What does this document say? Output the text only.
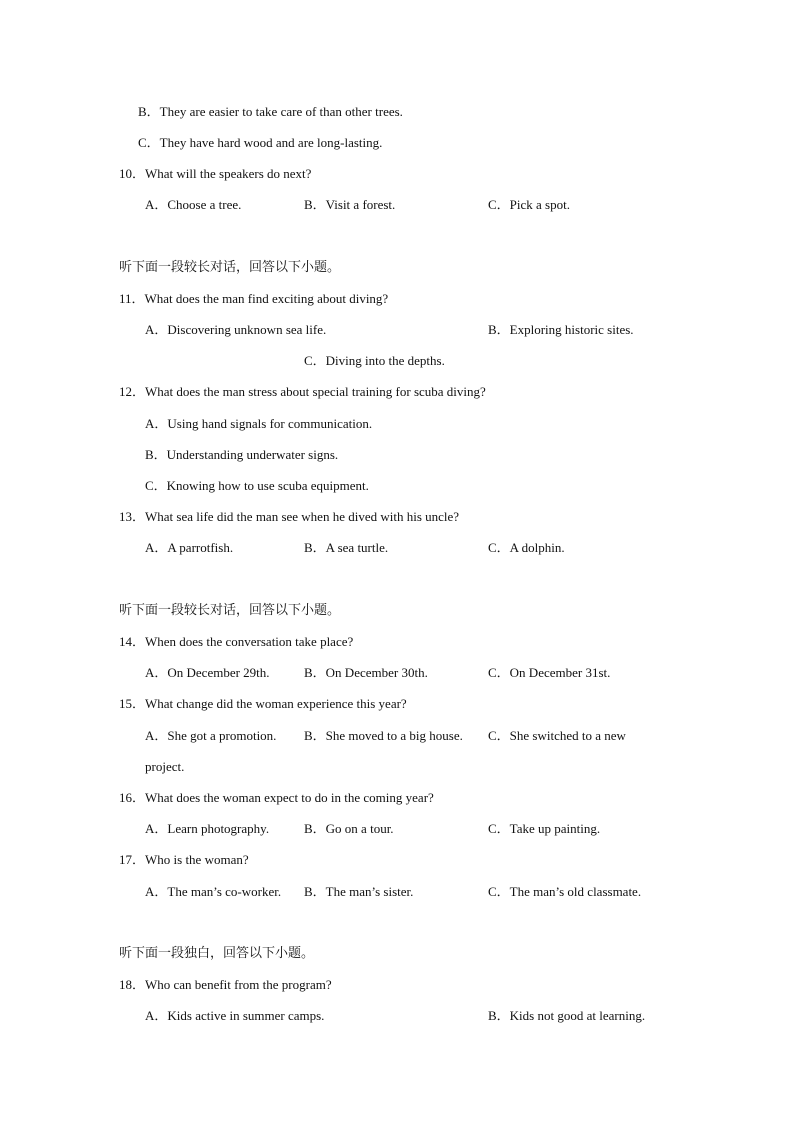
B．They are easier to take care of than other trees.
C．They have hard wood and are long-lasting.
10．What will the speakers do next?
A．Choose a tree.	B．Visit a forest.	C．Pick a spot.
听下面一段较长对话，回答以下小题。
11．What does the man find exciting about diving?
A．Discovering unknown sea life.	B．Exploring historic sites.
C．Diving into the depths.
12．What does the man stress about special training for scuba diving?
A．Using hand signals for communication.
B．Understanding underwater signs.
C．Knowing how to use scuba equipment.
13．What sea life did the man see when he dived with his uncle?
A．A parrotfish.	B．A sea turtle.	C．A dolphin.
听下面一段较长对话，回答以下小题。
14．When does the conversation take place?
A．On December 29th.	B．On December 30th.	C．On December 31st.
15．What change did the woman experience this year?
A．She got a promotion. B．She moved to a big house. C．She switched to a new
project.
16．What does the woman expect to do in the coming year?
A．Learn photography.	B．Go on a tour.	C．Take up painting.
17．Who is the woman?
A．The man’s co-worker. B．The man’s sister.	C．The man’s old classmate.
听下面一段独白，回答以下小题。
18．Who can benefit from the program?
A．Kids active in summer camps.	B．Kids not good at learning.
